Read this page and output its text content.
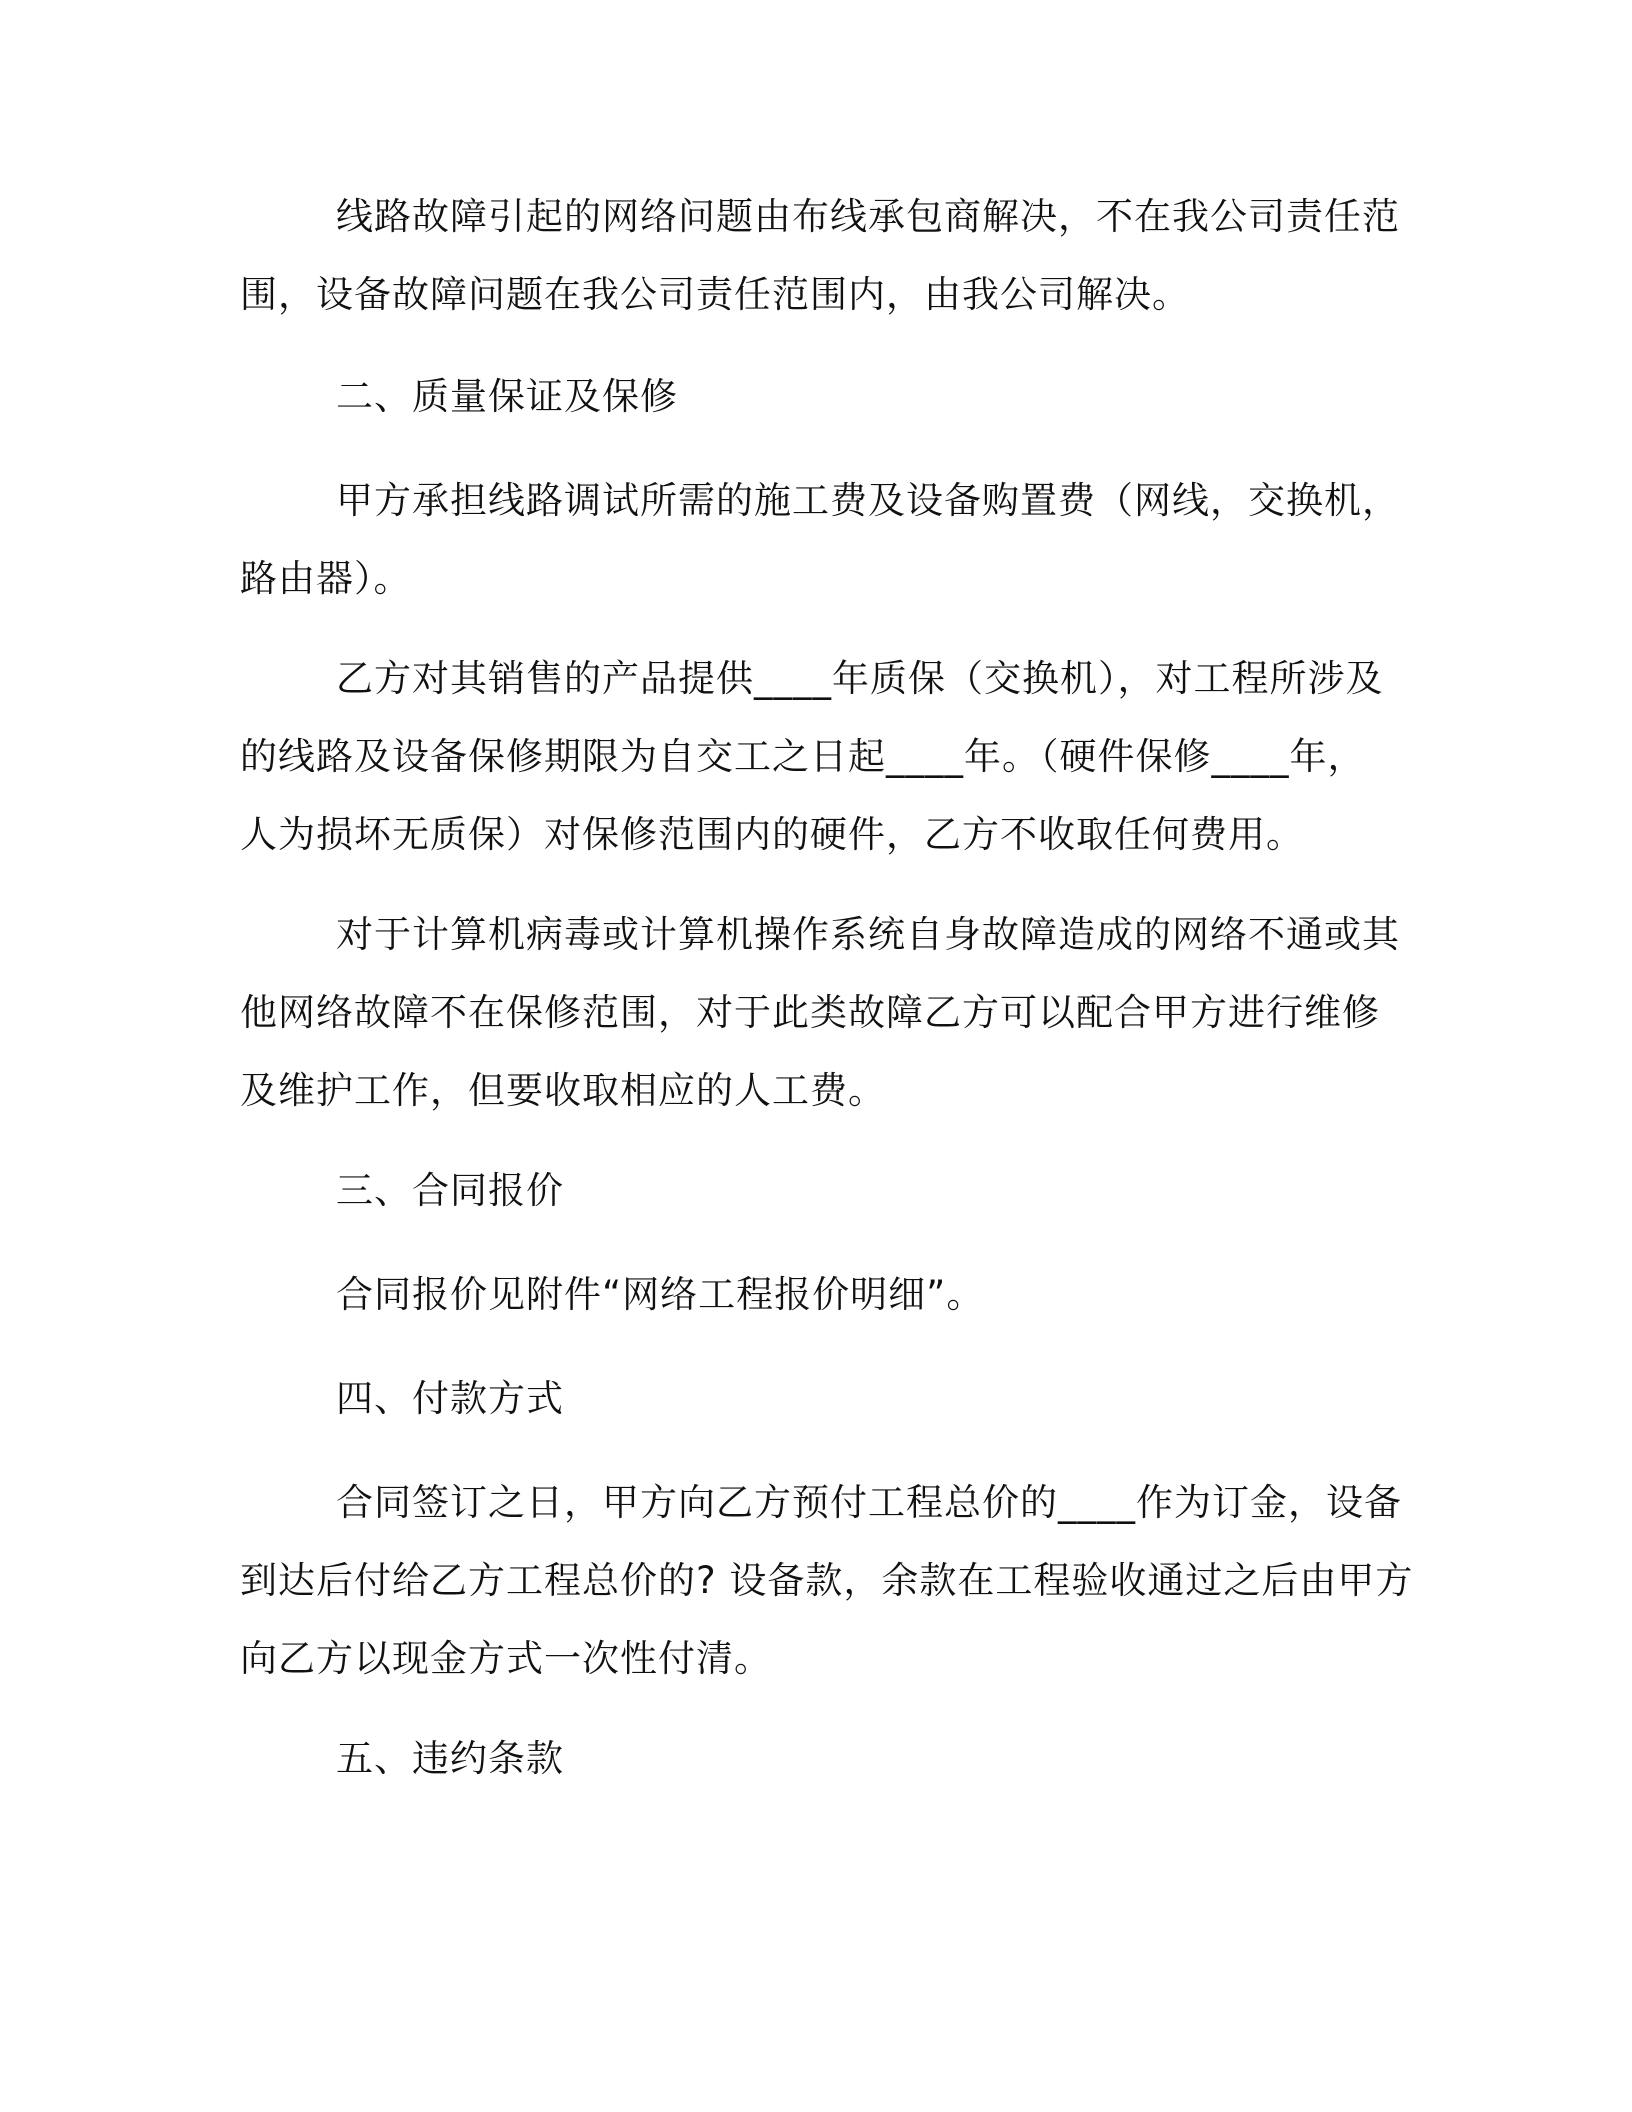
线路故障引起的网络问题由布线承包商解决，不在我公司责任范
围，设备故障问题在我公司责任范围内，由我公司解决。
二、质量保证及保修
甲方承担线路调试所需的施工费及设备购置费（网线，交换机，
路由器）。
乙方对其销售的产品提供____年质保（交换机），对工程所涉及
的线路及设备保修期限为自交工之日起____年。（硬件保修____年，
人为损坏无质保）对保修范围内的硬件，乙方不收取任何费用。
对于计算机病毒或计算机操作系统自身故障造成的网络不通或其
他网络故障不在保修范围，对于此类故障乙方可以配合甲方进行维修
及维护工作，但要收取相应的人工费。
三、合同报价
合同报价见附件“网络工程报价明细”。
四、付款方式
合同签订之日，甲方向乙方预付工程总价的____作为订金，设备
到达后付给乙方工程总价的? 设备款，余款在工程验收通过之后由甲方
向乙方以现金方式一次性付清。
五、违约条款
